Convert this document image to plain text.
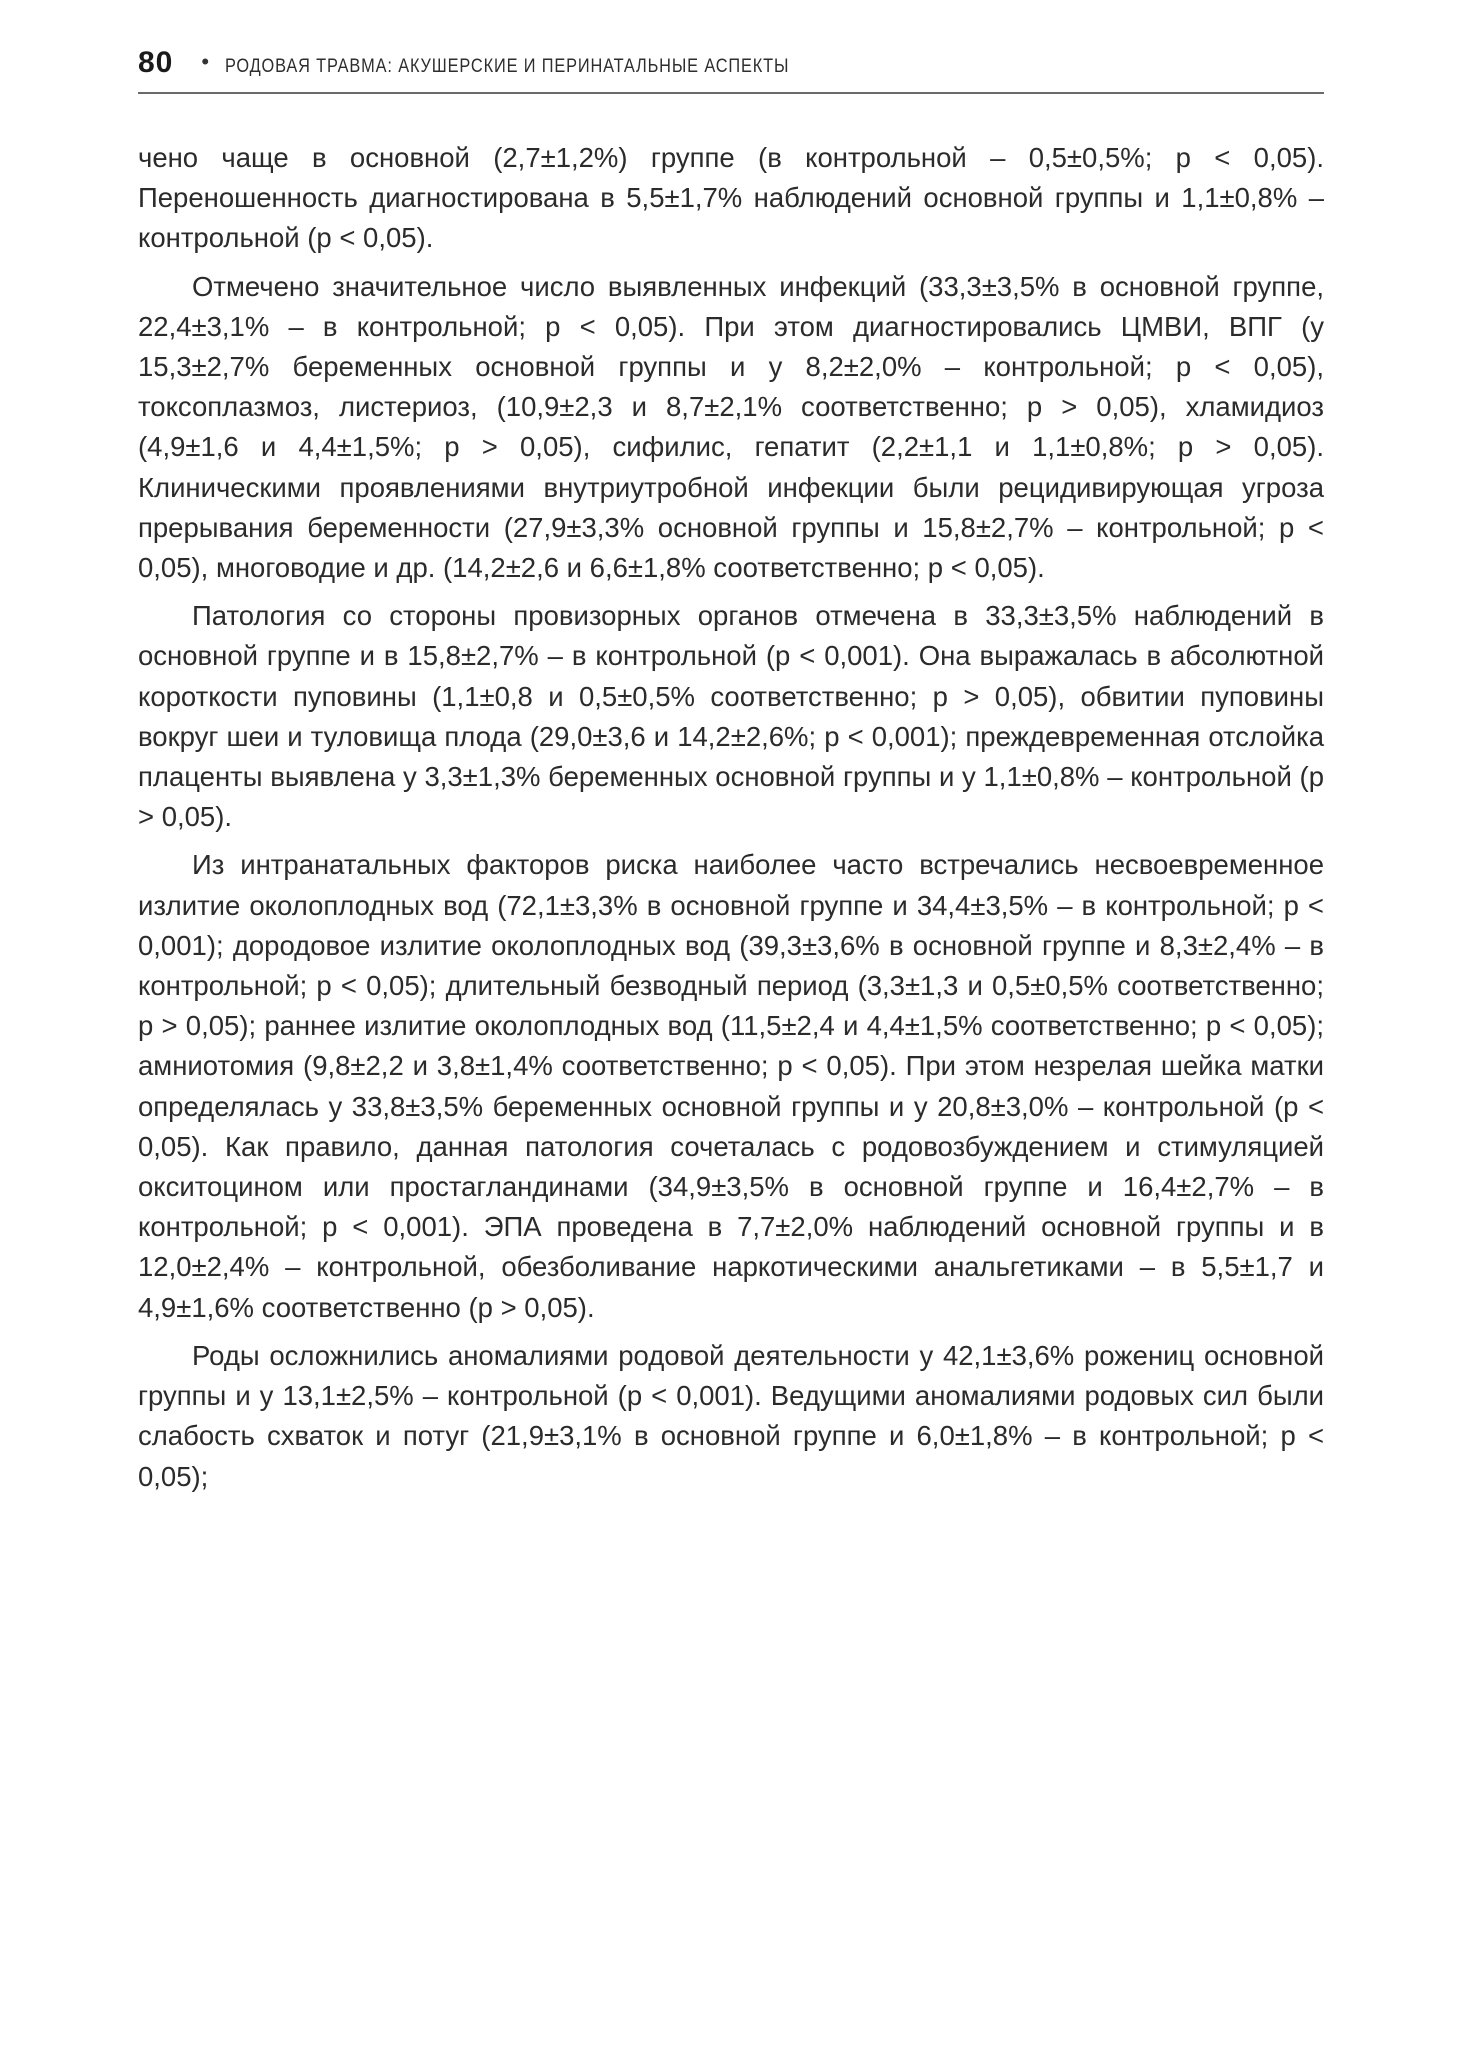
80 • РОДОВАЯ ТРАВМА: АКУШЕРСКИЕ И ПЕРИНАТАЛЬНЫЕ АСПЕКТЫ

чено чаще в основной (2,7±1,2%) группе (в контрольной – 0,5±0,5%; p < 0,05). Переношенность диагностирована в 5,5±1,7% наблюдений основной группы и 1,1±0,8% – контрольной (p < 0,05).

Отмечено значительное число выявленных инфекций (33,3±3,5% в основной группе, 22,4±3,1% – в контрольной; p < 0,05). При этом диагностировались ЦМВИ, ВПГ (у 15,3±2,7% беременных основной группы и у 8,2±2,0% – контрольной; p < 0,05), токсоплазмоз, листериоз, (10,9±2,3 и 8,7±2,1% соответственно; p > 0,05), хламидиоз (4,9±1,6 и 4,4±1,5%; p > 0,05), сифилис, гепатит (2,2±1,1 и 1,1±0,8%; p > 0,05). Клиническими проявлениями внутриутробной инфекции были рецидивирующая угроза прерывания беременности (27,9±3,3% основной группы и 15,8±2,7% – контрольной; p < 0,05), многоводие и др. (14,2±2,6 и 6,6±1,8% соответственно; p < 0,05).

Патология со стороны провизорных органов отмечена в 33,3±3,5% наблюдений в основной группе и в 15,8±2,7% – в контрольной (p < 0,001). Она выражалась в абсолютной короткости пуповины (1,1±0,8 и 0,5±0,5% соответственно; p > 0,05), обвитии пуповины вокруг шеи и туловища плода (29,0±3,6 и 14,2±2,6%; p < 0,001); преждевременная отслойка плаценты выявлена у 3,3±1,3% беременных основной группы и у 1,1±0,8% – контрольной (p > 0,05).

Из интранатальных факторов риска наиболее часто встречались несвоевременное излитие околоплодных вод (72,1±3,3% в основной группе и 34,4±3,5% – в контрольной; p < 0,001); дородовое излитие околоплодных вод (39,3±3,6% в основной группе и 8,3±2,4% – в контрольной; p < 0,05); длительный безводный период (3,3±1,3 и 0,5±0,5% соответственно; p > 0,05); раннее излитие околоплодных вод (11,5±2,4 и 4,4±1,5% соответственно; p < 0,05); амниотомия (9,8±2,2 и 3,8±1,4% соответственно; p < 0,05). При этом незрелая шейка матки определялась у 33,8±3,5% беременных основной группы и у 20,8±3,0% – контрольной (p < 0,05). Как правило, данная патология сочеталась с родовозбуждением и стимуляцией окситоцином или простагландинами (34,9±3,5% в основной группе и 16,4±2,7% – в контрольной; p < 0,001). ЭПА проведена в 7,7±2,0% наблюдений основной группы и в 12,0±2,4% – контрольной, обезболивание наркотическими анальгетиками – в 5,5±1,7 и 4,9±1,6% соответственно (p > 0,05).

Роды осложнились аномалиями родовой деятельности у 42,1±3,6% рожениц основной группы и у 13,1±2,5% – контрольной (p < 0,001). Ведущими аномалиями родовых сил были слабость схваток и потуг (21,9±3,1% в основной группе и 6,0±1,8% – в контрольной; p < 0,05);
